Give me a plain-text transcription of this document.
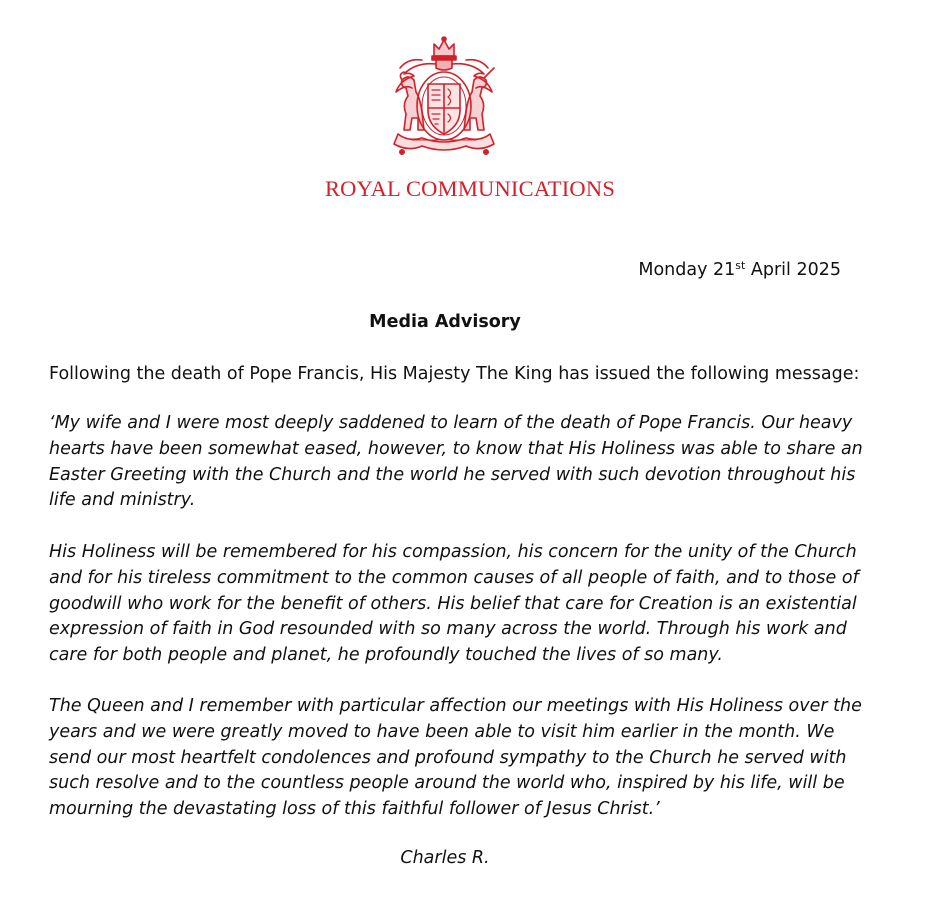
ROYAL COMMUNICATIONS
Monday 21st April 2025
Media Advisory
Following the death of Pope Francis, His Majesty The King has issued the following message:
‘My wife and I were most deeply saddened to learn of the death of Pope Francis. Our heavy
hearts have been somewhat eased, however, to know that His Holiness was able to share an
Easter Greeting with the Church and the world he served with such devotion throughout his
life and ministry.
His Holiness will be remembered for his compassion, his concern for the unity of the Church
and for his tireless commitment to the common causes of all people of faith, and to those of
goodwill who work for the benefit of others. His belief that care for Creation is an existential
expression of faith in God resounded with so many across the world. Through his work and
care for both people and planet, he profoundly touched the lives of so many.
The Queen and I remember with particular affection our meetings with His Holiness over the
years and we were greatly moved to have been able to visit him earlier in the month. We
send our most heartfelt condolences and profound sympathy to the Church he served with
such resolve and to the countless people around the world who, inspired by his life, will be
mourning the devastating loss of this faithful follower of Jesus Christ.’
Charles R.
